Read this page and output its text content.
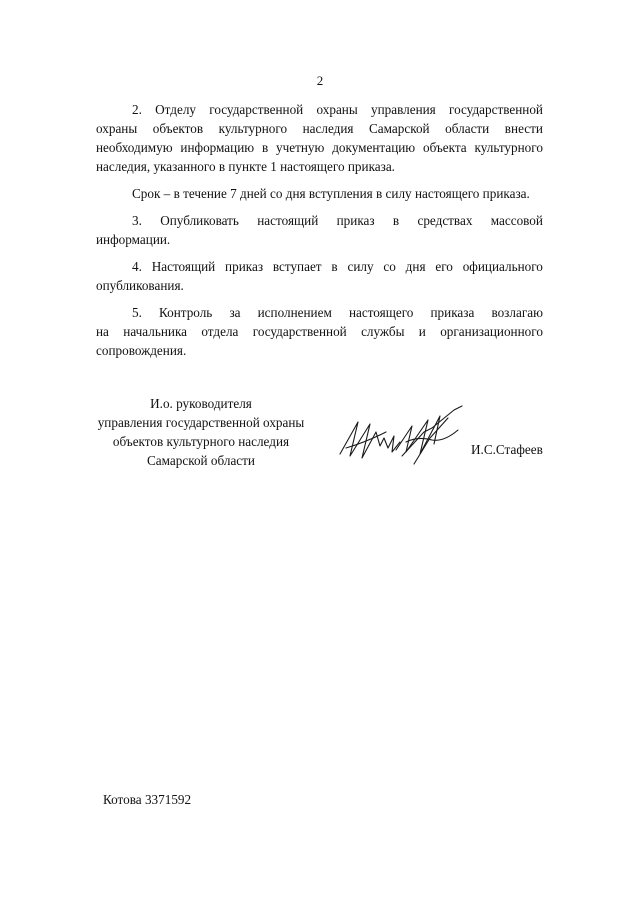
2
2. Отделу государственной охраны управления государственной
охраны объектов культурного наследия Самарской области внести
необходимую информацию в учетную документацию объекта культурного
наследия, указанного в пункте 1 настоящего приказа.
Срок – в течение 7 дней со дня вступления в силу настоящего приказа.
3. Опубликовать настоящий приказ в средствах массовой
информации.
4. Настоящий приказ вступает в силу со дня его официального
опубликования.
5. Контроль за исполнением настоящего приказа возлагаю
на начальника отдела государственной службы и организационного
сопровождения.
И.о. руководителя
управления государственной охраны
объектов культурного наследия
Самарской области
И.С.Стафеев
Котова 3371592
